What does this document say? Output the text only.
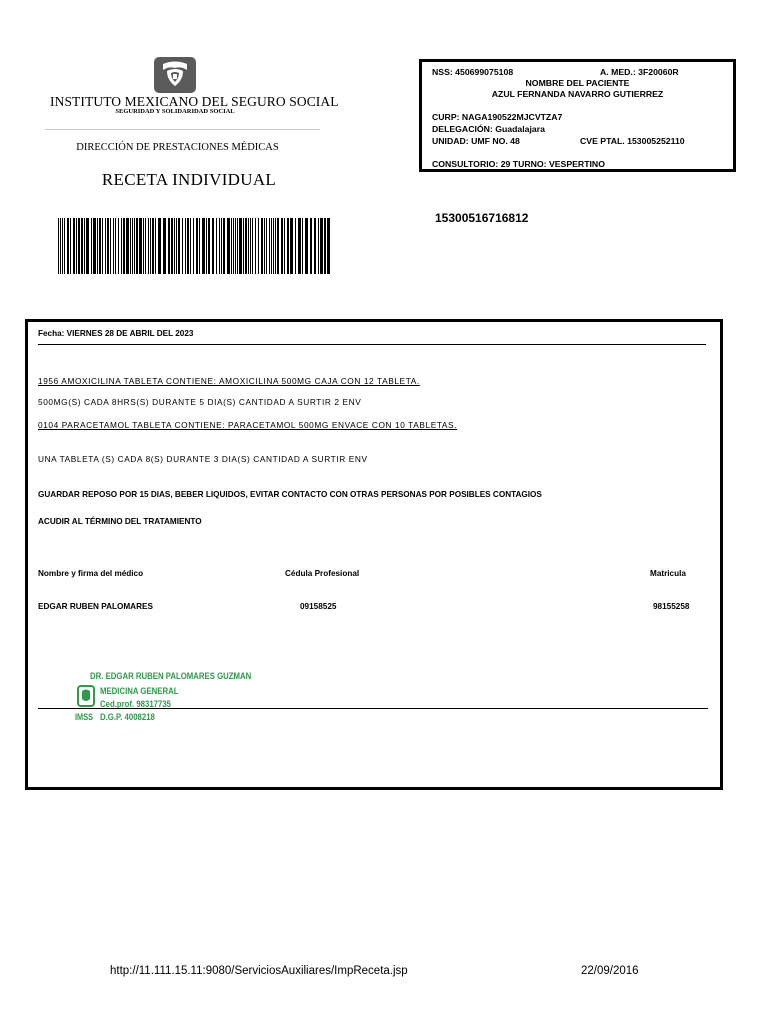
INSTITUTO MEXICANO DEL SEGURO SOCIAL
SEGURIDAD Y SOLIDARIDAD SOCIAL
DIRECCIÓN DE PRESTACIONES MÉDICAS
RECETA INDIVIDUAL
15300516716812
NSS: 450699075108	A. MED.: 3F20060R
NOMBRE DEL PACIENTE
AZUL FERNANDA NAVARRO GUTIERREZ
CURP: NAGA190522MJCVTZA7
DELEGACIÓN: Guadalajara
UNIDAD: UMF NO. 48	CVE PTAL. 153005252110
CONSULTORIO: 29 TURNO: VESPERTINO
Fecha: VIERNES 28 DE ABRIL DEL 2023
1956 AMOXICILINA TABLETA CONTIENE: AMOXICILINA 500MG CAJA CON 12 TABLETA.
500MG(S) CADA 8HRS(S) DURANTE 5 DIA(S) CANTIDAD A SURTIR 2 ENV
0104 PARACETAMOL TABLETA CONTIENE: PARACETAMOL 500MG ENVACE CON 10 TABLETAS.
UNA TABLETA (S) CADA 8(S) DURANTE 3 DIA(S) CANTIDAD A SURTIR ENV
GUARDAR REPOSO POR 15 DIAS, BEBER LIQUIDOS, EVITAR CONTACTO CON OTRAS PERSONAS POR POSIBLES CONTAGIOS
ACUDIR AL TÉRMINO DEL TRATAMIENTO
Nombre y firma del médico	Cédula Profesional	Matricula
EDGAR RUBEN PALOMARES	09158525	98155258
DR. EDGAR RUBEN PALOMARES GUZMAN
MEDICINA GENERAL
Ced.prof. 98317735
IMSS D.G.P. 4008218
http://11.111.15.11:9080/ServiciosAuxiliares/ImpReceta.jsp	22/09/2016
